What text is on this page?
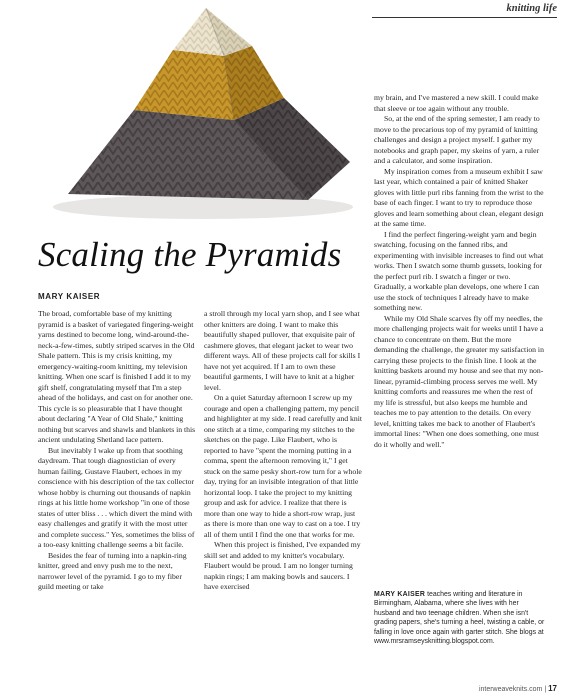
knitting life
Scaling the Pyramids
MARY KAISER

The broad, comfortable base of my knitting pyramid is a basket of variegated fingering-weight yarns destined to become long, wind-around-the-neck-a-few-times, subtly striped scarves in the Old Shale pattern. This is my crisis knitting, my emergency-waiting-room knitting, my television knitting. When one scarf is finished I add it to my gift shelf, congratulating myself that I'm a step ahead of the holidays, and cast on for another one. This cycle is so pleasurable that I have thought about declaring "A Year of Old Shale," knitting nothing but scarves and shawls and blankets in this ancient undulating Shetland lace pattern.

But inevitably I wake up from that soothing daydream. That tough diagnostician of every human failing, Gustave Flaubert, echoes in my conscience with his description of the tax collector whose hobby is churning out thousands of napkin rings at his little home workshop "in one of those states of utter bliss . . . which divert the mind with easy challenges and gratify it with the most utter and complete success." Yes, sometimes the bliss of a too-easy knitting challenge seems a bit facile.

Besides the fear of turning into a napkin-ring knitter, greed and envy push me to the next, narrower level of the pyramid. I go to my fiber guild meeting or take

a stroll through my local yarn shop, and I see what other knitters are doing. I want to make this beautifully shaped pullover, that exquisite pair of cashmere gloves, that elegant jacket to wear two different ways. All of these projects call for skills I have not yet acquired. If I am to own these beautiful garments, I will have to knit at a higher level.

On a quiet Saturday afternoon I screw up my courage and open a challenging pattern, my pencil and highlighter at my side. I read carefully and knit one stitch at a time, comparing my stitches to the sketches on the page. Like Flaubert, who is reported to have "spent the morning putting in a comma, spent the afternoon removing it," I get stuck on the same pesky short-row turn for a whole day, trying for an invisible integration of that little horizontal loop. I take the project to my knitting group and ask for advice. I realize that there is more than one way to hide a short-row wrap, just as there is more than one way to cast on a toe. I try all of them until I find the one that works for me.

When this project is finished, I've expanded my skill set and added to my knitter's vocabulary. Flaubert would be proud. I am no longer turning napkin rings; I am making bowls and saucers. I have exercised

my brain, and I've mastered a new skill. I could make that sleeve or toe again without any trouble.

So, at the end of the spring semester, I am ready to move to the precarious top of my pyramid of knitting challenges and design a project myself. I gather my notebooks and graph paper, my skeins of yarn, a ruler and a calculator, and some inspiration.

My inspiration comes from a museum exhibit I saw last year, which contained a pair of knitted Shaker gloves with little purl ribs fanning from the wrist to the base of each finger. I want to try to reproduce those gloves and learn something about clean, elegant design at the same time.

I find the perfect fingering-weight yarn and begin swatching, focusing on the fanned ribs, and experimenting with invisible increases to find out what works. Then I swatch some thumb gussets, looking for the perfect purl rib. I swatch a finger or two. Gradually, a workable plan develops, one where I can use the stock of techniques I already have to make something new.

While my Old Shale scarves fly off my needles, the more challenging projects wait for weeks until I have a chance to concentrate on them. But the more demanding the challenge, the greater my satisfaction in carrying these projects to the finish line. I look at the knitting baskets around my house and see that my non-linear, pyramid-climbing process serves me well. My knitting comforts and reassures me when the rest of my life is stressful, but also keeps me humble and teaches me to pay attention to the details. On every level, knitting takes me back to another of Flaubert's immortal lines: "When one does something, one must do it wholly and well."

MARY KAISER teaches writing and literature in Birmingham, Alabama, where she lives with her husband and two teenage children. When she isn't grading papers, she's turning a heel, twisting a cable, or falling in love once again with garter stitch. She blogs at www.mrsramseysknitting.blogspot.com.
interweaveknits.com | 17
